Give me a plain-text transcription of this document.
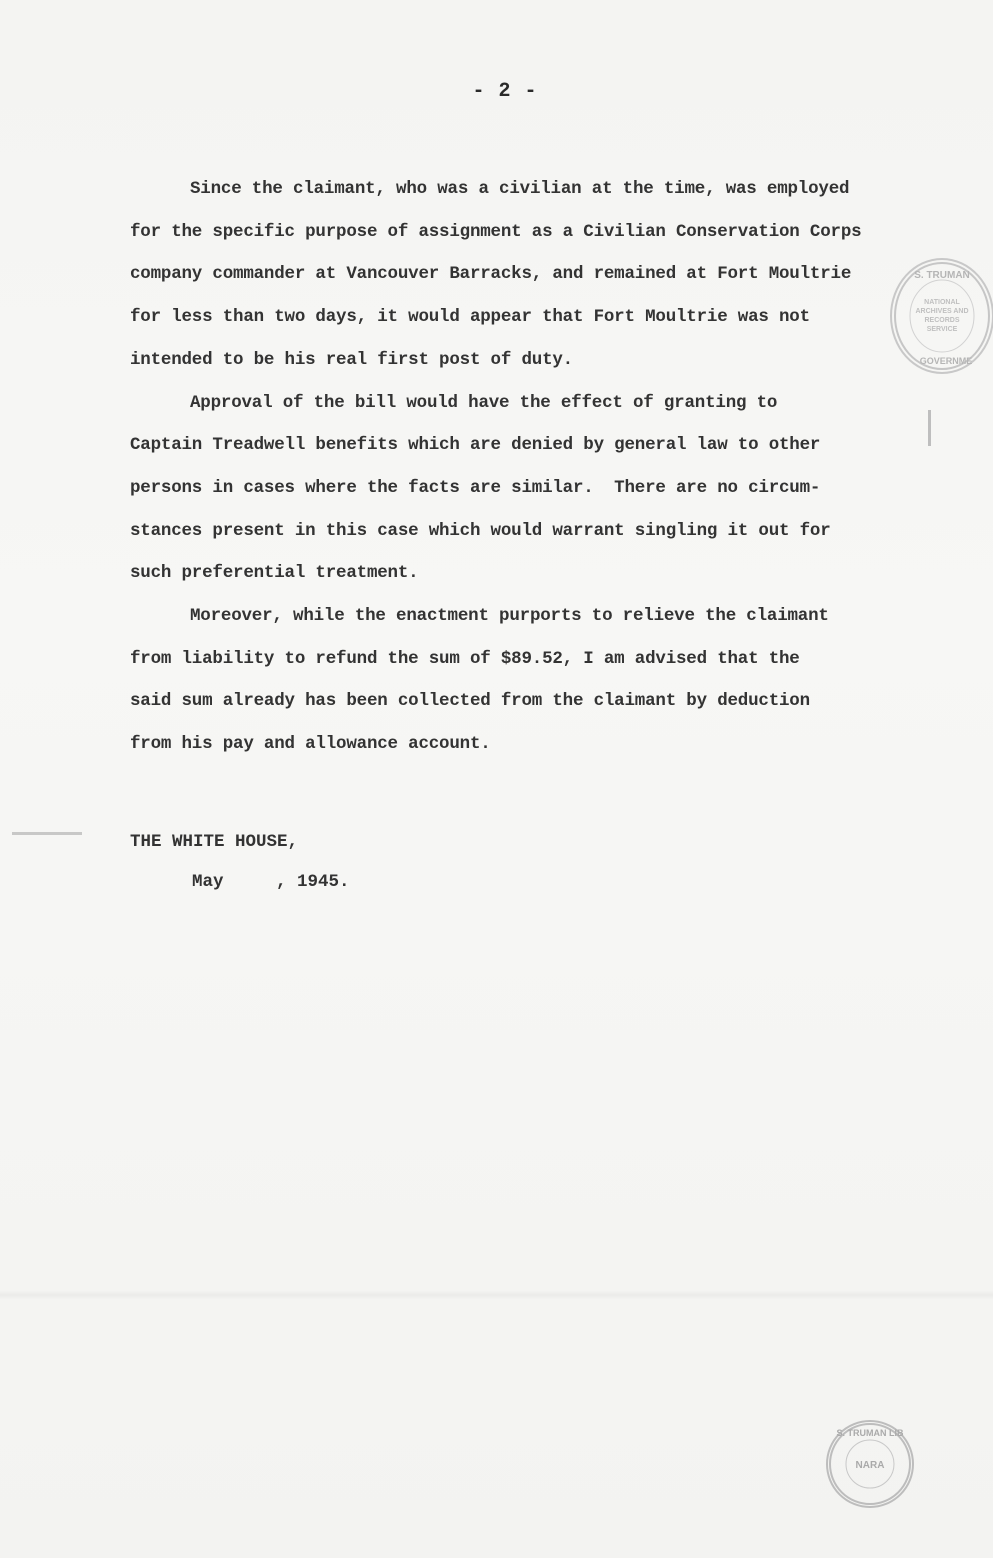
- 2 -
Since the claimant, who was a civilian at the time, was employed
for the specific purpose of assignment as a Civilian Conservation Corps
company commander at Vancouver Barracks, and remained at Fort Moultrie
for less than two days, it would appear that Fort Moultrie was not
intended to be his real first post of duty.
Approval of the bill would have the effect of granting to
Captain Treadwell benefits which are denied by general law to other
persons in cases where the facts are similar.  There are no circum-
stances present in this case which would warrant singling it out for
such preferential treatment.
Moreover, while the enactment purports to relieve the claimant
from liability to refund the sum of $89.52, I am advised that the
said sum already has been collected from the claimant by deduction
from his pay and allowance account.
THE WHITE HOUSE,
May     , 1945.
S. TRUMAN
NATIONAL
ARCHIVES AND
RECORDS
SERVICE
GOVERNME
S. TRUMAN LIB
NARA
